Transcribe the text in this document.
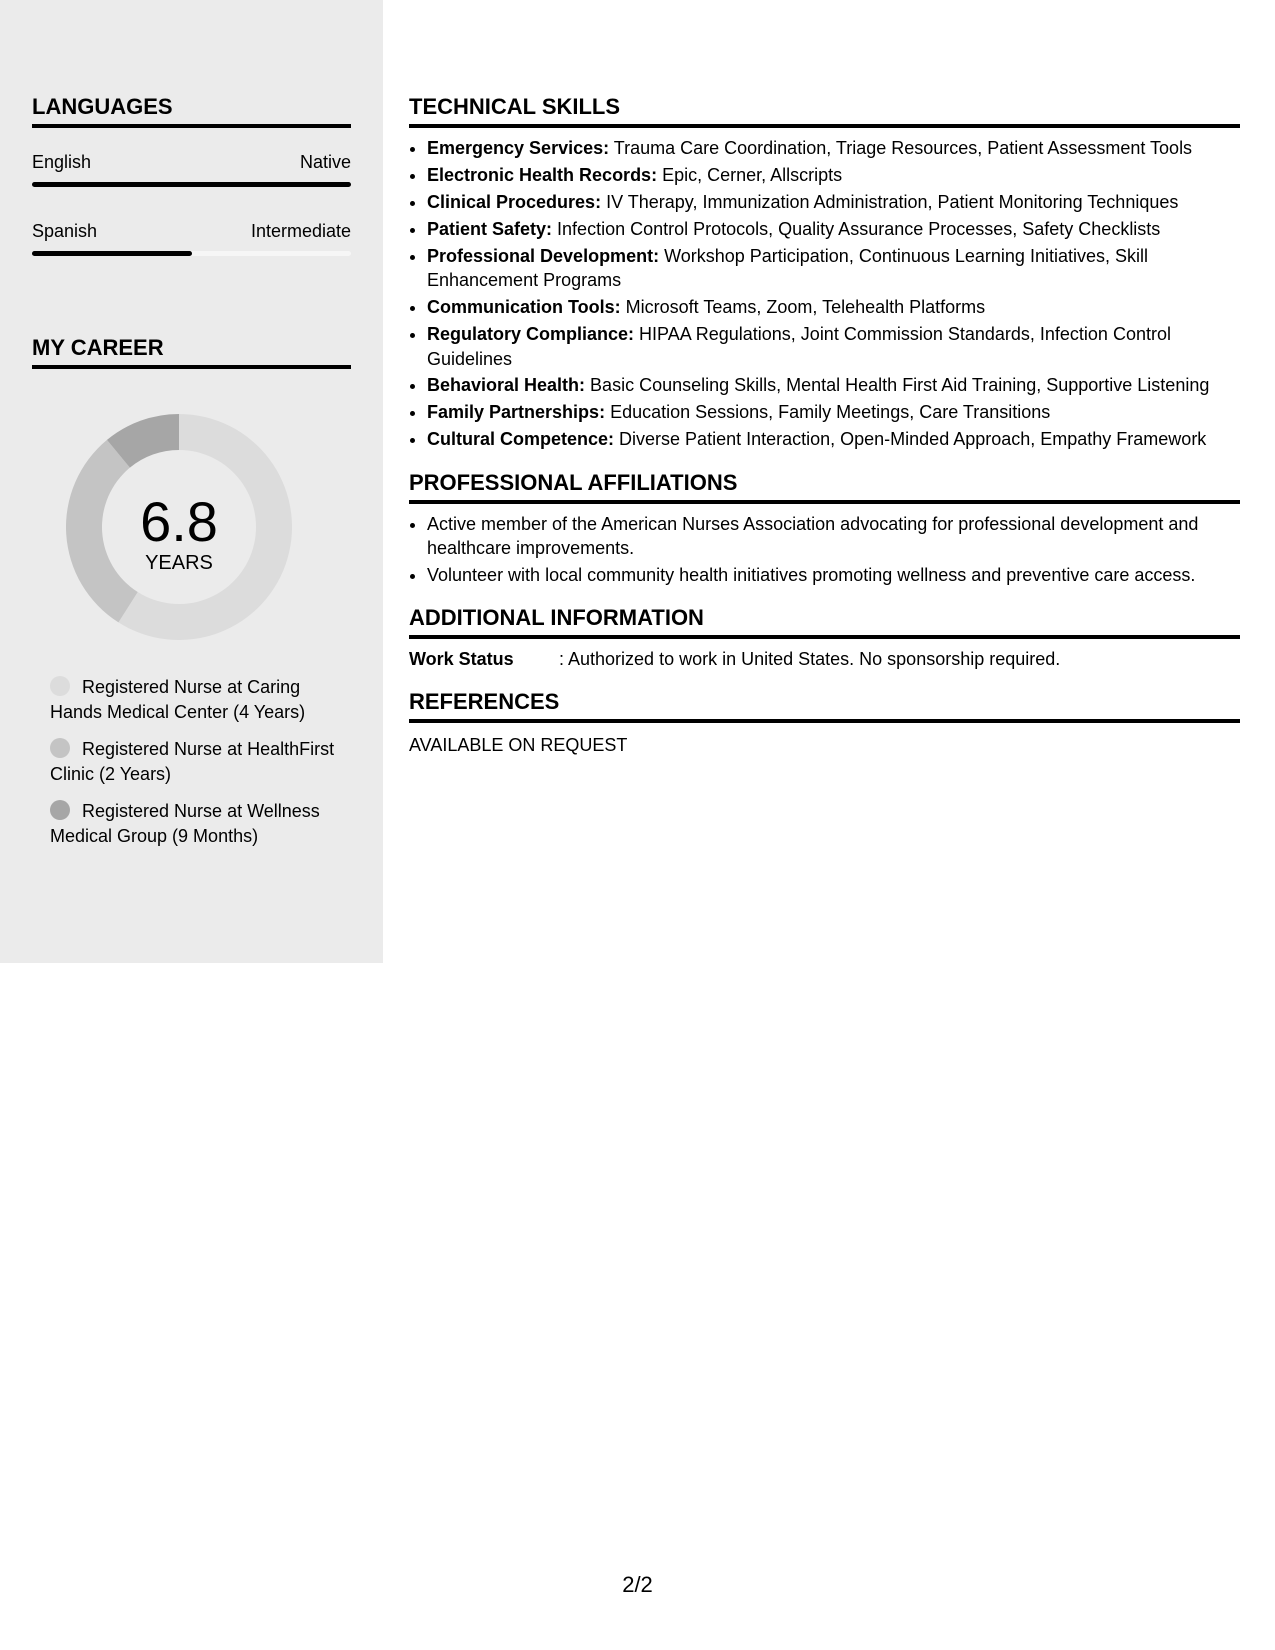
LANGUAGES
English	Native
Spanish	Intermediate
MY CAREER
6.8
YEARS
Registered Nurse at Caring Hands Medical Center (4 Years)
Registered Nurse at HealthFirst Clinic (2 Years)
Registered Nurse at Wellness Medical Group (9 Months)
TECHNICAL SKILLS
• Emergency Services: Trauma Care Coordination, Triage Resources, Patient Assessment Tools
• Electronic Health Records: Epic, Cerner, Allscripts
• Clinical Procedures: IV Therapy, Immunization Administration, Patient Monitoring Techniques
• Patient Safety: Infection Control Protocols, Quality Assurance Processes, Safety Checklists
• Professional Development: Workshop Participation, Continuous Learning Initiatives, Skill Enhancement Programs
• Communication Tools: Microsoft Teams, Zoom, Telehealth Platforms
• Regulatory Compliance: HIPAA Regulations, Joint Commission Standards, Infection Control Guidelines
• Behavioral Health: Basic Counseling Skills, Mental Health First Aid Training, Supportive Listening
• Family Partnerships: Education Sessions, Family Meetings, Care Transitions
• Cultural Competence: Diverse Patient Interaction, Open-Minded Approach, Empathy Framework
PROFESSIONAL AFFILIATIONS
• Active member of the American Nurses Association advocating for professional development and healthcare improvements.
• Volunteer with local community health initiatives promoting wellness and preventive care access.
ADDITIONAL INFORMATION
Work Status	: Authorized to work in United States. No sponsorship required.
REFERENCES
AVAILABLE ON REQUEST
2/2
